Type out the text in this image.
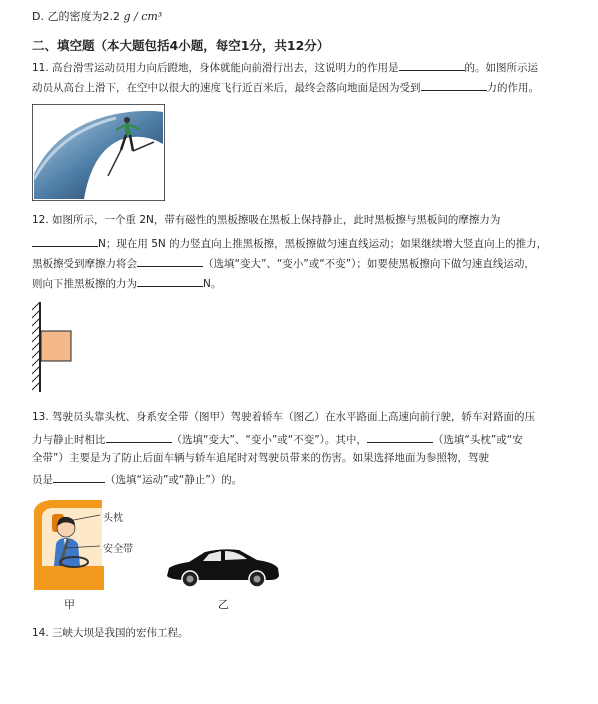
D. 乙的密度为2.2 g / cm³
二、填空题（本大题包括4小题，每空1分，共12分）
11. 高台滑雪运动员用力向后蹬地，身体就能向前滑行出去，这说明力的作用是	的。如图所示运
动员从高台上滑下，在空中以很大的速度飞行近百米后，最终会落向地面是因为受到	力的作用。
12. 如图所示，一个重 2N，带有磁性的黑板擦吸在黑板上保持静止，此时黑板擦与黑板间的摩擦力为
N；现在用 5N 的力竖直向上推黑板擦，黑板擦做匀速直线运动；如果继续增大竖直向上的推力，
黑板擦受到摩擦力将会	（选填“变大”、“变小”或“不变”）；如要使黑板擦向下做匀速直线运动，
则向下推黑板擦的力为	N。
13. 驾驶员头靠头枕、身系安全带（图甲）驾驶着轿车（图乙）在水平路面上高速向前行驶，轿车对路面的压
力与静止时相比	（选填“变大”、“变小”或“不变”）。其中，	（选填“头枕”或“安
全带”）主要是为了防止后面车辆与轿车追尾时对驾驶员带来的伤害。如果选择地面为参照物，驾驶
员是	（选填“运动”或“静止”）的。
头枕
安全带
甲	乙
14. 三峡大坝是我国的宏伟工程。
